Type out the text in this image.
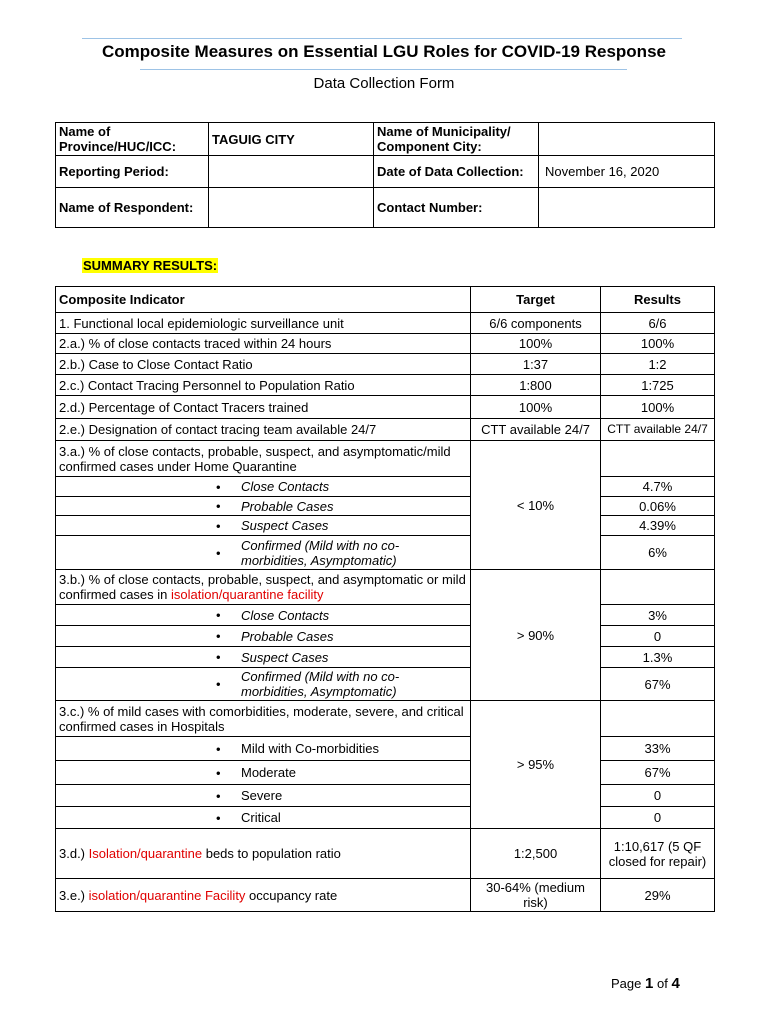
Composite Measures on Essential LGU Roles for COVID-19 Response
Data Collection Form
Name of Province/HUC/ICC:	TAGUIG CITY	Name of Municipality/ Component City:	
Reporting Period:		Date of Data Collection:	November 16, 2020
Name of Respondent:		Contact Number:	
SUMMARY RESULTS:
Composite Indicator	Target	Results
1. Functional local epidemiologic surveillance unit	6/6 components	6/6
2.a.) % of close contacts traced within 24 hours	100%	100%
2.b.) Case to Close Contact Ratio	1:37	1:2
2.c.) Contact Tracing Personnel to Population Ratio	1:800	1:725
2.d.) Percentage of Contact Tracers trained	100%	100%
2.e.) Designation of contact tracing team available 24/7	CTT available 24/7	CTT available 24/7
3.a.) % of close contacts, probable, suspect, and asymptomatic/mild confirmed cases under Home Quarantine	< 10%	

• Close Contacts		4.7%

• Probable Cases		0.06%

• Suspect Cases		4.39%

• Confirmed (Mild with no co-morbidities, Asymptomatic)		6%
3.b.) % of close contacts, probable, suspect, and asymptomatic or mild confirmed cases in isolation/quarantine facility	> 90%	

• Close Contacts		3%

• Probable Cases		0

• Suspect Cases		1.3%

• Confirmed (Mild with no co-morbidities, Asymptomatic)		67%
3.c.) % of mild cases with comorbidities, moderate, severe, and critical confirmed cases in Hospitals	> 95%	

• Mild with Co-morbidities		33%

• Moderate		67%

• Severe		0

• Critical		0
3.d.) Isolation/quarantine beds to population ratio	1:2,500	1:10,617 (5 QF closed for repair)
3.e.) isolation/quarantine Facility occupancy rate	30-64% (medium risk)	29%
Page 1 of 4
